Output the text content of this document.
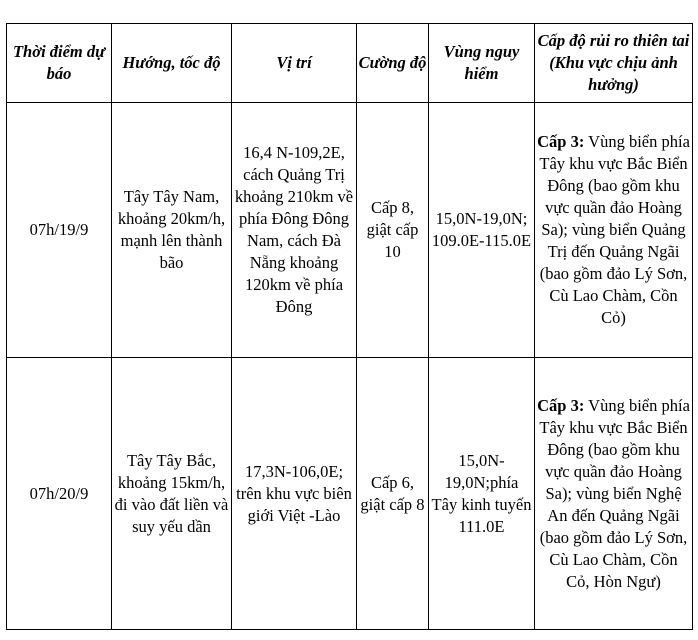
Thời điểm dự báo	Hướng, tốc độ	Vị trí	Cường độ	Vùng nguy hiểm	Cấp độ rủi ro thiên tai (Khu vực chịu ảnh hưởng)
07h/19/9	Tây Tây Nam, khoảng 20km/h, mạnh lên thành bão	16,4 N-109,2E, cách Quảng Trị khoảng 210km về phía Đông Đông Nam, cách Đà Nẵng khoảng 120km về phía Đông	Cấp 8, giật cấp 10	15,0N-19,0N; 109.0E-115.0E	Cấp 3: Vùng biển phía Tây khu vực Bắc Biển Đông (bao gồm khu vực quần đảo Hoàng Sa); vùng biển Quảng Trị đến Quảng Ngãi (bao gồm đảo Lý Sơn, Cù Lao Chàm, Cồn Cỏ)
07h/20/9	Tây Tây Bắc, khoảng 15km/h, đi vào đất liền và suy yếu dần	17,3N-106,0E; trên khu vực biên giới Việt -Lào	Cấp 6, giật cấp 8	15,0N-19,0N;phía Tây kinh tuyến 111.0E	Cấp 3: Vùng biển phía Tây khu vực Bắc Biển Đông (bao gồm khu vực quần đảo Hoàng Sa); vùng biển Nghệ An đến Quảng Ngãi (bao gồm đảo Lý Sơn, Cù Lao Chàm, Cồn Cỏ, Hòn Ngư)
